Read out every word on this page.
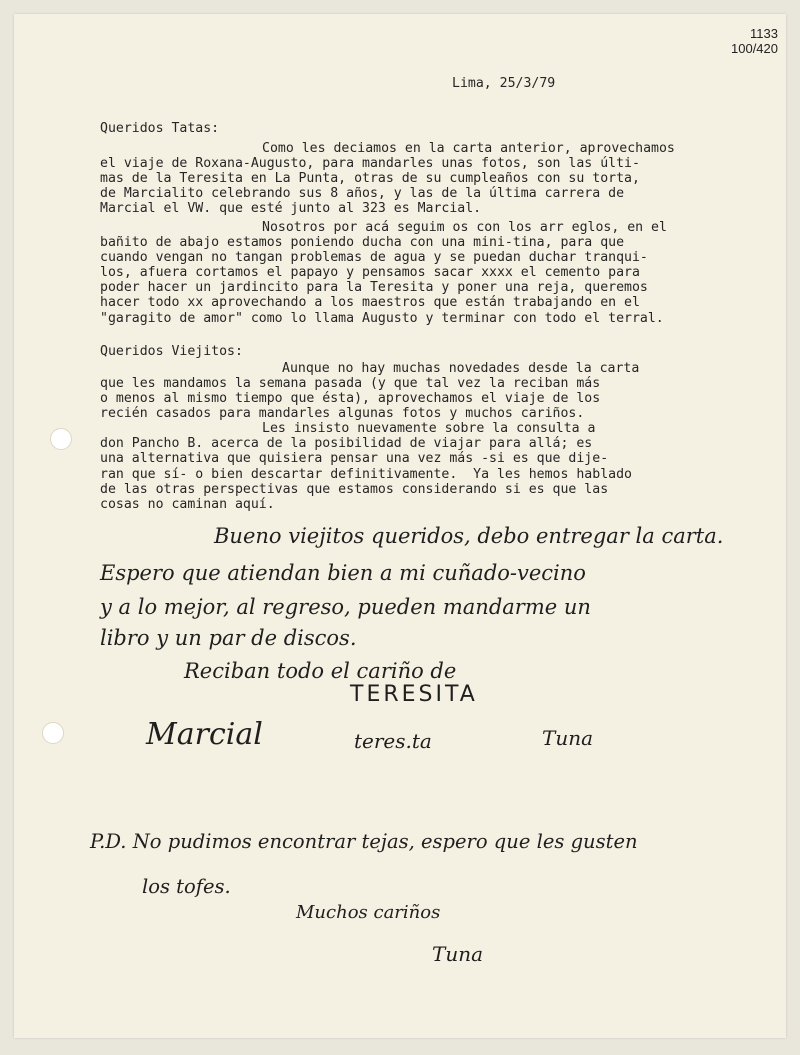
1133
100/420

Lima, 25/3/79

Queridos Tatas:

Como les deciamos en la carta anterior, aprovechamos

el viaje de Roxana-Augusto, para mandarles unas fotos, son las últi-

mas de la Teresita en La Punta, otras de su cumpleaños con su torta,

de Marcialito celebrando sus 8 años, y las de la última carrera de

Marcial el VW. que esté junto al 323 es Marcial.

Nosotros por acá seguim os con los arr eglos, en el

bañito de abajo estamos poniendo ducha con una mini-tina, para que

cuando vengan no tangan problemas de agua y se puedan duchar tranqui-

los, afuera cortamos el papayo y pensamos sacar xxxx el cemento para

poder hacer un jardincito para la Teresita y poner una reja, queremos

hacer todo xx aprovechando a los maestros que están trabajando en el

"garagito de amor" como lo llama Augusto y terminar con todo el terral.

Queridos Viejitos:

Aunque no hay muchas novedades desde la carta

que les mandamos la semana pasada (y que tal vez la reciban más

o menos al mismo tiempo que ésta), aprovechamos el viaje de los

recién casados para mandarles algunas fotos y muchos cariños.

Les insisto nuevamente sobre la consulta a

don Pancho B. acerca de la posibilidad de viajar para allá; es

una alternativa que quisiera pensar una vez más -si es que dije-

ran que sí- o bien descartar definitivamente.  Ya les hemos hablado

de las otras perspectivas que estamos considerando si es que las

cosas no caminan aquí.

Bueno viejitos queridos, debo entregar la carta.
Espero que atiendan bien a mi cuñado-vecino
y a lo mejor, al regreso, pueden mandarme un
libro y un par de discos.
Reciban todo el cariño de
Marcial
TERESITA
teres.ta	Tuna
P.D. No pudimos encontrar tejas, espero que les gusten
los tofes.
Muchos cariños
Tuna
